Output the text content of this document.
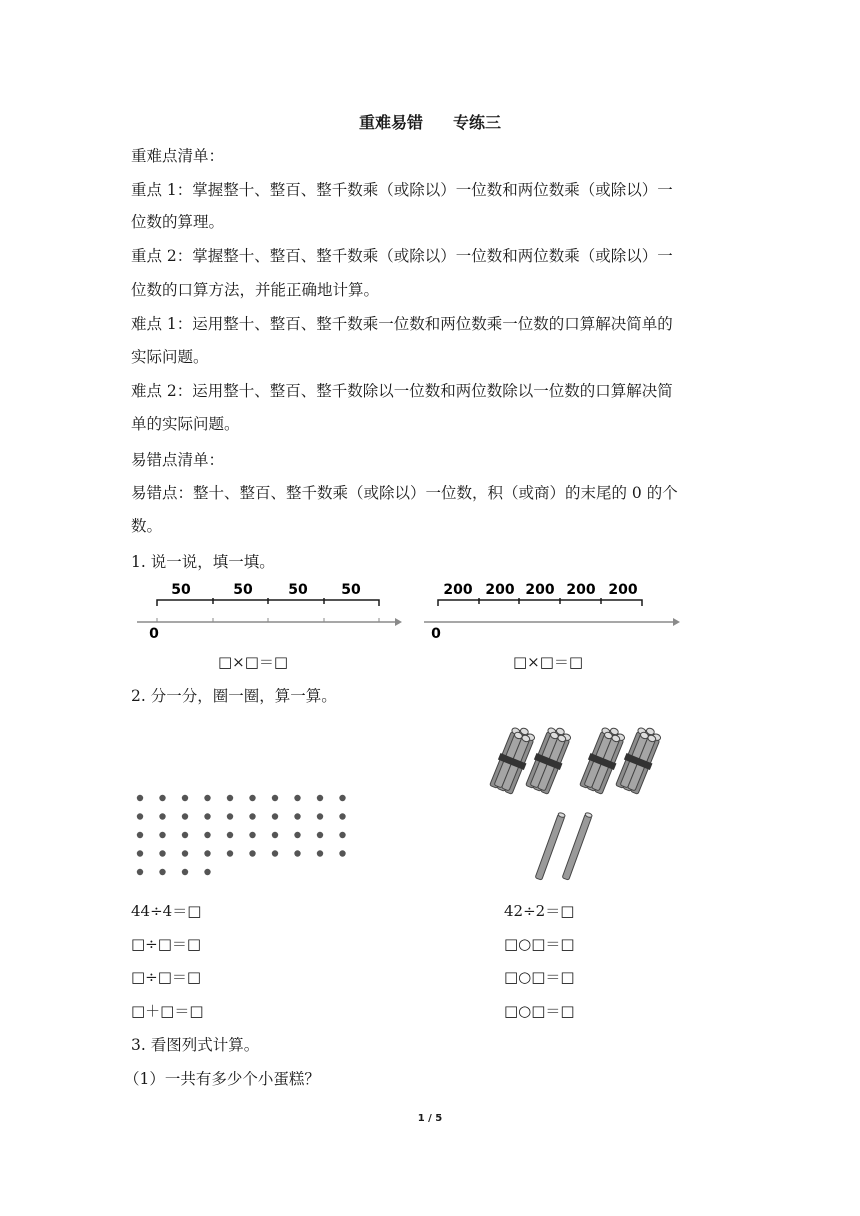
重难易错 专练三
重难点清单：
重点 1：掌握整十、整百、整千数乘（或除以）一位数和两位数乘（或除以）一
位数的算理。
重点 2：掌握整十、整百、整千数乘（或除以）一位数和两位数乘（或除以）一
位数的口算方法，并能正确地计算。
难点 1：运用整十、整百、整千数乘一位数和两位数乘一位数的口算解决简单的
实际问题。
难点 2：运用整十、整百、整千数除以一位数和两位数除以一位数的口算解决简
单的实际问题。
易错点清单：
易错点：整十、整百、整千数乘（或除以）一位数，积（或商）的末尾的 0 的个
数。
1. 说一说，填一填。
50	50	50 50
0
200 200 200 200 200
0
□×□＝□	□×□＝□
2. 分一分，圈一圈，算一算。
44÷4＝□
□÷□＝□
□÷□＝□
□＋□＝□
42÷2＝□
□○□＝□
□○□＝□
□○□＝□
3. 看图列式计算。
（1）一共有多少个小蛋糕？
1 / 5
